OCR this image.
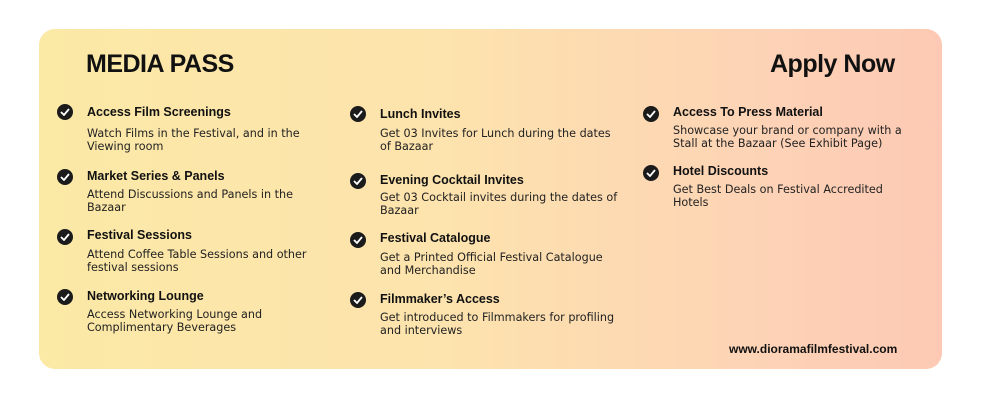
MEDIA PASS	Apply Now
Access Film Screenings
Watch Films in the Festival, and in the Viewing room
Market Series & Panels
Attend Discussions and Panels in the Bazaar
Festival Sessions
Attend Coffee Table Sessions and other festival sessions
Networking Lounge
Access Networking Lounge and Complimentary Beverages
Lunch Invites
Get 03 Invites for Lunch during the dates of Bazaar
Evening Cocktail Invites
Get 03 Cocktail invites during the dates of Bazaar
Festival Catalogue
Get a Printed Official Festival Catalogue and Merchandise
Filmmaker’s Access
Get introduced to Filmmakers for profiling and interviews
Access To Press Material
Showcase your brand or company with a Stall at the Bazaar (See Exhibit Page)
Hotel Discounts
Get Best Deals on Festival Accredited Hotels
www.dioramafilmfestival.com
